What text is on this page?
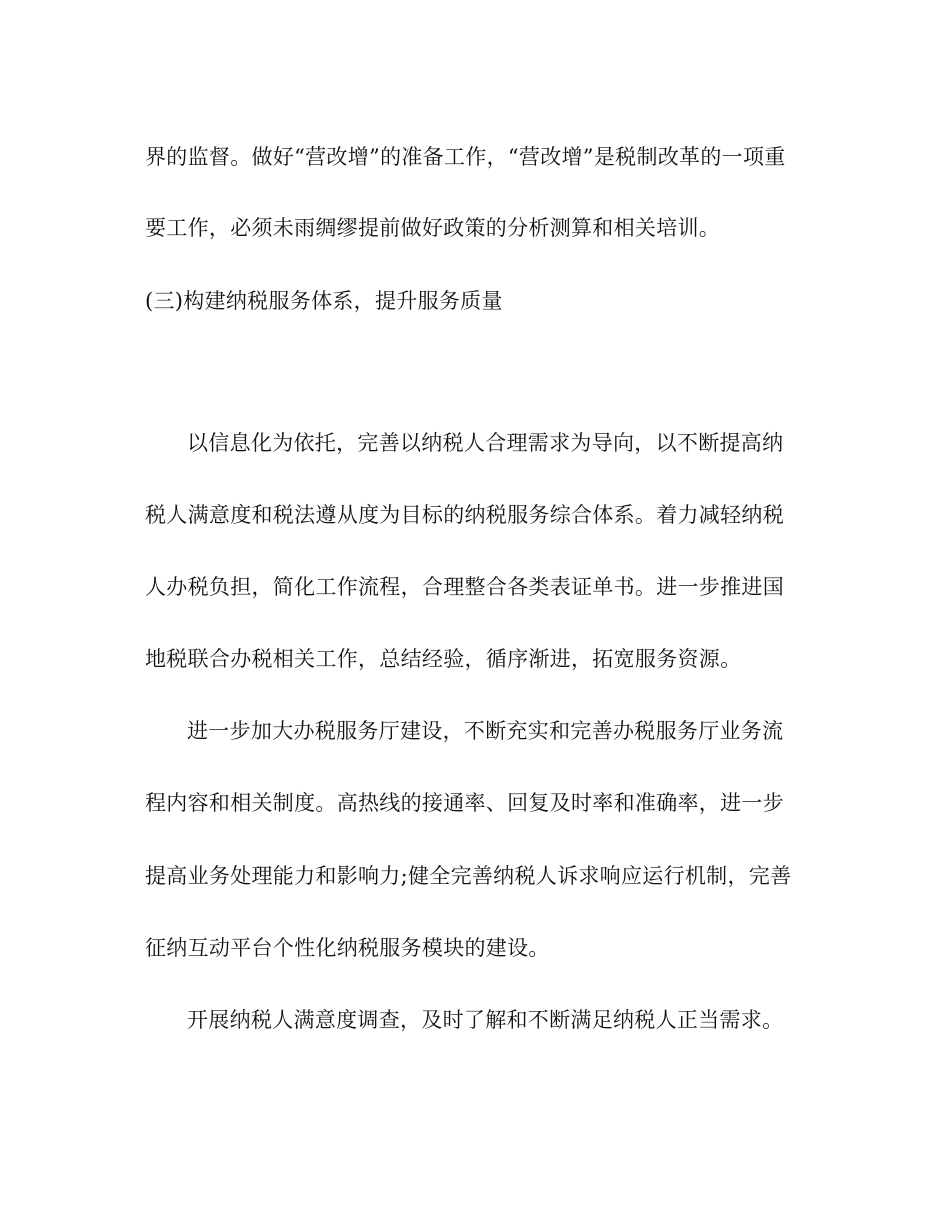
界的监督。做好“营改增”的准备工作，“营改增”是税制改革的一项重
要工作，必须未雨绸缪提前做好政策的分析测算和相关培训。
(三)构建纳税服务体系，提升服务质量
以信息化为依托，完善以纳税人合理需求为导向，以不断提高纳
税人满意度和税法遵从度为目标的纳税服务综合体系。着力减轻纳税
人办税负担，简化工作流程，合理整合各类表证单书。进一步推进国
地税联合办税相关工作，总结经验，循序渐进，拓宽服务资源。
进一步加大办税服务厅建设，不断充实和完善办税服务厅业务流
程内容和相关制度。高热线的接通率、回复及时率和准确率，进一步
提高业务处理能力和影响力;健全完善纳税人诉求响应运行机制，完善
征纳互动平台个性化纳税服务模块的建设。
开展纳税人满意度调查，及时了解和不断满足纳税人正当需求。
